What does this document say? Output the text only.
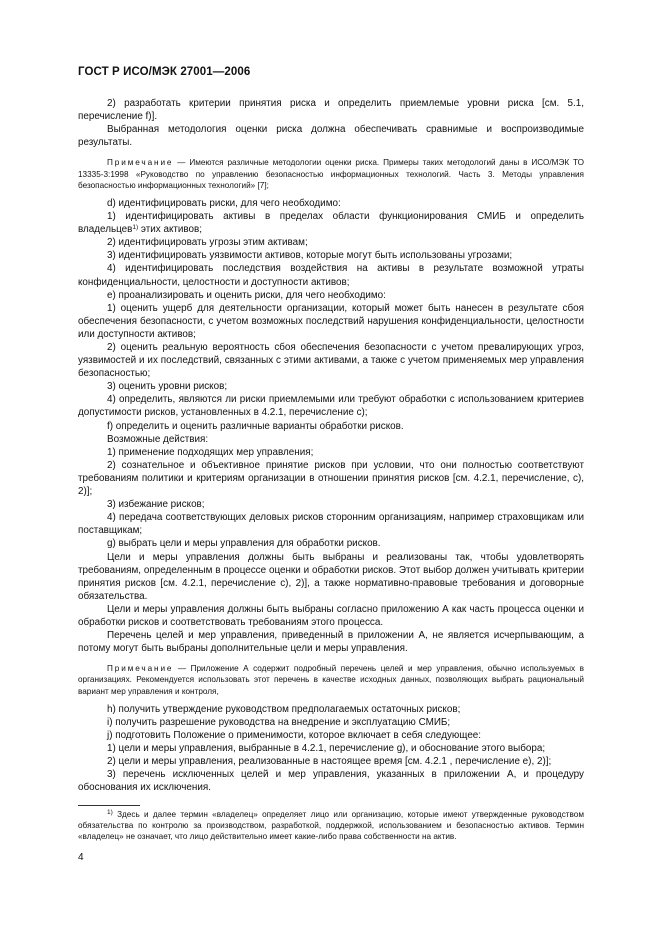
ГОСТ Р ИСО/МЭК 27001—2006

2) разработать критерии принятия риска и определить приемлемые уровни риска [см. 5.1, перечисление f)].

Выбранная методология оценки риска должна обеспечивать сравнимые и воспроизводимые результаты.

Примечание — Имеются различные методологии оценки риска. Примеры таких методологий даны в ИСО/МЭК ТО 13335-3:1998 «Руководство по управлению безопасностью информационных технологий. Часть 3. Методы управления безопасностью информационных технологий» [7];

d) идентифицировать риски, для чего необходимо:

1) идентифицировать активы в пределах области функционирования СМИБ и определить владельцев$^{1)}$ этих активов;

2) идентифицировать угрозы этим активам;

3) идентифицировать уязвимости активов, которые могут быть использованы угрозами;

4) идентифицировать последствия воздействия на активы в результате возможной утраты конфиденциальности, целостности и доступности активов;

e) проанализировать и оценить риски, для чего необходимо:

1) оценить ущерб для деятельности организации, который может быть нанесен в результате сбоя обеспечения безопасности, с учетом возможных последствий нарушения конфиденциальности, целостности или доступности активов;

2) оценить реальную вероятность сбоя обеспечения безопасности с учетом превалирующих угроз, уязвимостей и их последствий, связанных с этими активами, а также с учетом применяемых мер управления безопасностью;

3) оценить уровни рисков;

4) определить, являются ли риски приемлемыми или требуют обработки с использованием критериев допустимости рисков, установленных в 4.2.1, перечисление c);

f) определить и оценить различные варианты обработки рисков.

Возможные действия:

1) применение подходящих мер управления;

2) сознательное и объективное принятие рисков при условии, что они полностью соответствуют требованиям политики и критериям организации в отношении принятия рисков [см. 4.2.1, перечисление, c), 2)];

3) избежание рисков;

4) передача соответствующих деловых рисков сторонним организациям, например страховщикам или поставщикам;

g) выбрать цели и меры управления для обработки рисков.

Цели и меры управления должны быть выбраны и реализованы так, чтобы удовлетворять требованиям, определенным в процессе оценки и обработки рисков. Этот выбор должен учитывать критерии принятия рисков [см. 4.2.1, перечисление c), 2)], а также нормативно-правовые требования и договорные обязательства.

Цели и меры управления должны быть выбраны согласно приложению А как часть процесса оценки и обработки рисков и соответствовать требованиям этого процесса.

Перечень целей и мер управления, приведенный в приложении А, не является исчерпывающим, а потому могут быть выбраны дополнительные цели и меры управления.

Примечание — Приложение А содержит подробный перечень целей и мер управления, обычно используемых в организациях. Рекомендуется использовать этот перечень в качестве исходных данных, позволяющих выбрать рациональный вариант мер управления и контроля,

h) получить утверждение руководством предполагаемых остаточных рисков;

i) получить разрешение руководства на внедрение и эксплуатацию СМИБ;

j) подготовить Положение о применимости, которое включает в себя следующее:

1) цели и меры управления, выбранные в 4.2.1, перечисление g), и обоснование этого выбора;

2) цели и меры управления, реализованные в настоящее время [см. 4.2.1 , перечисление e), 2)];

3) перечень исключенных целей и мер управления, указанных в приложении А, и процедуру обоснования их исключения.

$^{1)}$ Здесь и далее термин «владелец» определяет лицо или организацию, которые имеют утвержденные руководством обязательства по контролю за производством, разработкой, поддержкой, использованием и безопасностью активов. Термин «владелец» не означает, что лицо действительно имеет какие-либо права собственности на актив.

4
